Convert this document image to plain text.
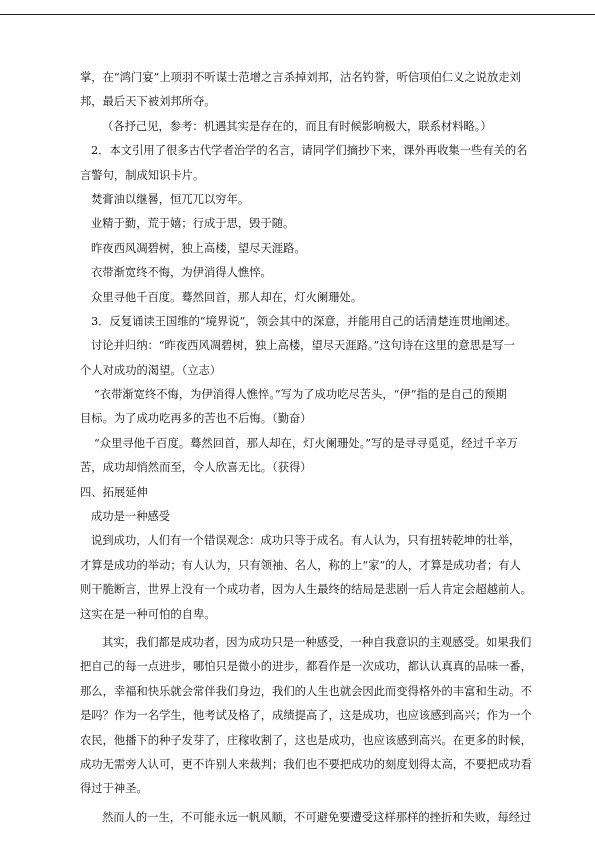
掌，在“鸿门宴”上项羽不听谋士范增之言杀掉刘邦，沽名钓誉，听信项伯仁义之说放走刘
邦，最后天下被刘邦所夺。
（各抒己见，参考：机遇其实是存在的，而且有时候影响极大，联系材料略。）
2．本文引用了很多古代学者治学的名言，请同学们摘抄下来，课外再收集一些有关的名
言警句，制成知识卡片。
焚膏油以继晷，恒兀兀以穷年。
业精于勤，荒于嬉；行成于思，毁于随。
昨夜西风凋碧树，独上高楼，望尽天涯路。
衣带渐宽终不悔，为伊消得人憔悴。
众里寻他千百度。蓦然回首，那人却在，灯火阑珊处。
3．反复诵读王国维的“境界说”，领会其中的深意，并能用自己的话清楚连贯地阐述。
讨论并归纳：“昨夜西风凋碧树，独上高楼，望尽天涯路。”这句诗在这里的意思是写一
个人对成功的渴望。（立志）
“衣带渐宽终不悔，为伊消得人憔悴。”写为了成功吃尽苦头，“伊”指的是自己的预期
目标。为了成功吃再多的苦也不后悔。（勤奋）
“众里寻他千百度。蓦然回首，那人却在，灯火阑珊处。”写的是寻寻觅觅，经过千辛万
苦，成功却悄然而至，令人欣喜无比。（获得）
四、拓展延伸
成功是一种感受
说到成功，人们有一个错误观念：成功只等于成名。有人认为，只有扭转乾坤的壮举，
才算是成功的举动；有人认为，只有领袖、名人，称的上“家”的人，才算是成功者；有人
则干脆断言，世界上没有一个成功者，因为人生最终的结局是悲剧一后人肯定会超越前人。
这实在是一种可怕的自卑。
其实，我们都是成功者，因为成功只是一种感受，一种自我意识的主观感受。如果我们
把自己的每一点进步，哪怕只是微小的进步，都看作是一次成功，都认认真真的品味一番，
那么，幸福和快乐就会常伴我们身边，我们的人生也就会因此而变得格外的丰富和生动。不
是吗？作为一名学生，他考试及格了，成绩提高了，这是成功，也应该感到高兴；作为一个
农民，他播下的种子发芽了，庄稼收割了，这也是成功，也应该感到高兴。在更多的时候，
成功无需旁人认可，更不许别人来裁判；我们也不要把成功的刻度划得太高，不要把成功看
得过于神圣。
然而人的一生，不可能永远一帆风顺，不可避免要遭受这样那样的挫折和失败，每经过
